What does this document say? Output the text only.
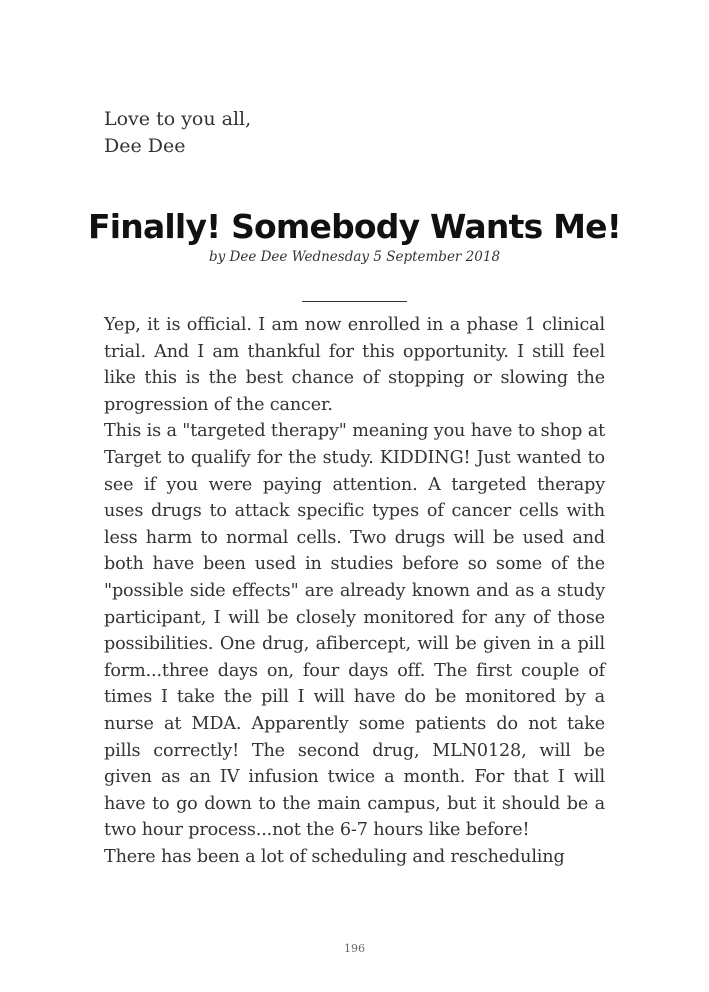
Love to you all,
Dee Dee
Finally! Somebody Wants Me!
by Dee Dee Wednesday 5 September 2018

Yep, it is official. I am now enrolled in a phase 1 clinical trial. And I am thankful for this opportunity. I still feel like this is the best chance of stopping or slowing the progression of the cancer.

This is a "targeted therapy" meaning you have to shop at Target to qualify for the study. KIDDING! Just wanted to see if you were paying attention. A targeted therapy uses drugs to attack specific types of cancer cells with less harm to normal cells. Two drugs will be used and both have been used in studies before so some of the "possible side effects" are already known and as a study participant, I will be closely monitored for any of those possibilities. One drug, afibercept, will be given in a pill form...three days on, four days off. The first couple of times I take the pill I will have do be monitored by a nurse at MDA. Apparently some patients do not take pills correctly! The second drug, MLN0128, will be given as an IV infusion twice a month. For that I will have to go down to the main campus, but it should be a two hour process...not the 6-7 hours like before!

There has been a lot of scheduling and rescheduling

196
